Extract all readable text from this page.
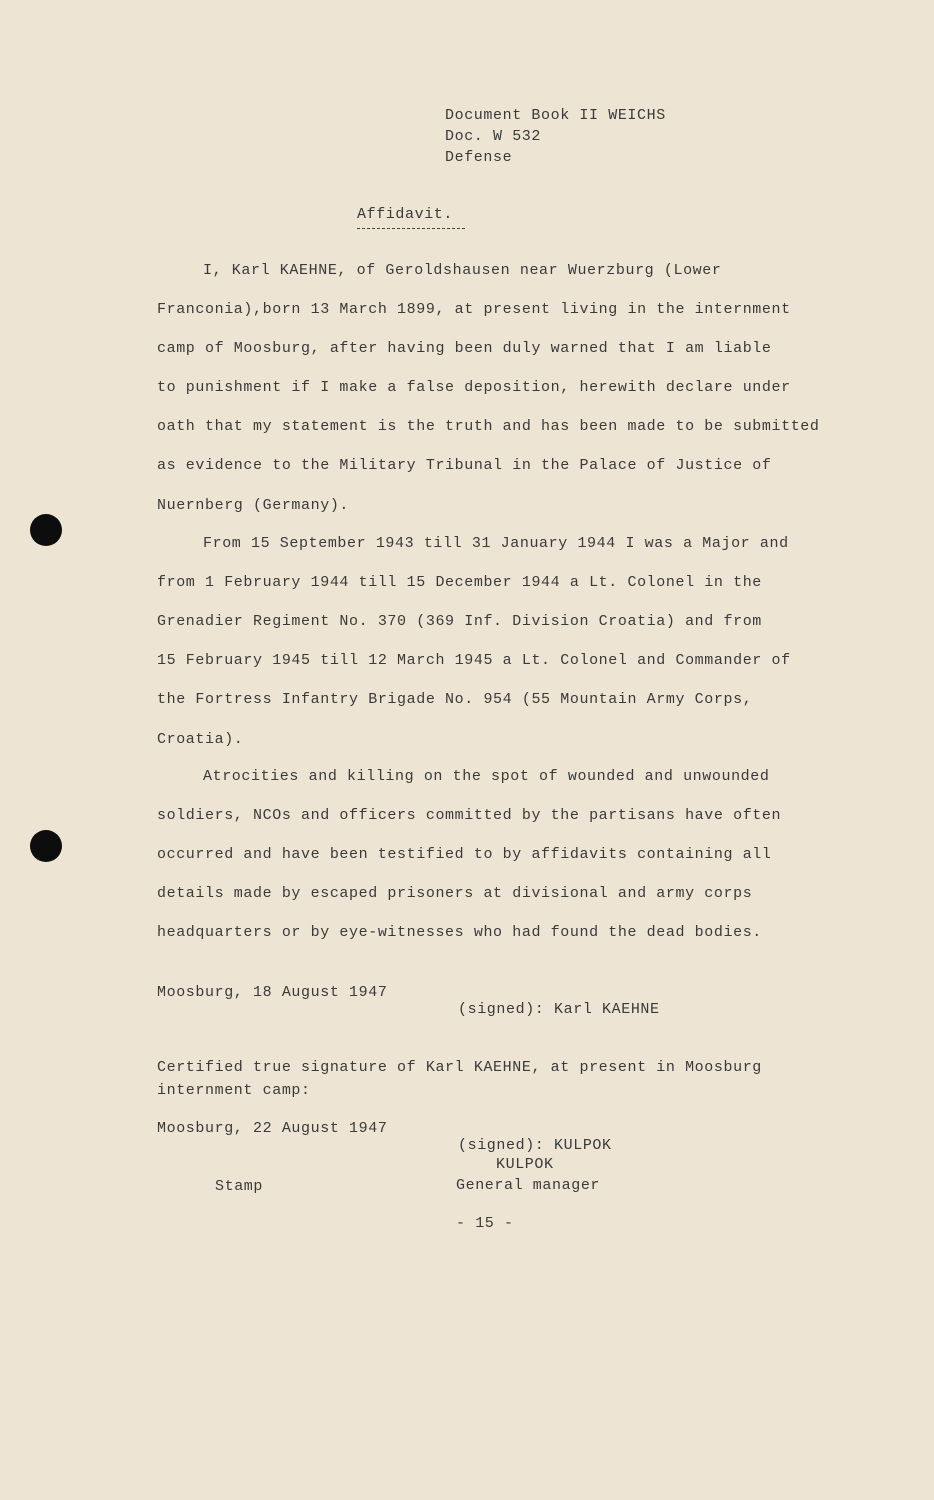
Document Book II WEICHS
Doc. W 532
Defense
Affidavit.
I, Karl KAEHNE, of Geroldshausen near Wuerzburg (Lower
Franconia),born 13 March 1899, at present living in the internment
camp of Moosburg, after having been duly warned that I am liable
to punishment if I make a false deposition, herewith declare under
oath that my statement is the truth and has been made to be submitted
as evidence to the Military Tribunal in the Palace of Justice of
Nuernberg (Germany).
From 15 September 1943 till 31 January 1944 I was a Major and
from 1 February 1944 till 15 December 1944 a Lt. Colonel in the
Grenadier Regiment No. 370 (369 Inf. Division Croatia) and from
15 February 1945 till 12 March 1945 a Lt. Colonel and Commander of
the Fortress Infantry Brigade No. 954 (55 Mountain Army Corps,
Croatia).
Atrocities and killing on the spot of wounded and unwounded
soldiers, NCOs and officers committed by the partisans have often
occurred and have been testified to by affidavits containing all
details made by escaped prisoners at divisional and army corps
headquarters or by eye-witnesses who had found the dead bodies.
Moosburg, 18 August 1947
(signed): Karl KAEHNE
Certified true signature of Karl KAEHNE, at present in Moosburg
internment camp:
Moosburg, 22 August 1947
(signed): KULPOK
KULPOK
Stamp	General manager
- 15 -
